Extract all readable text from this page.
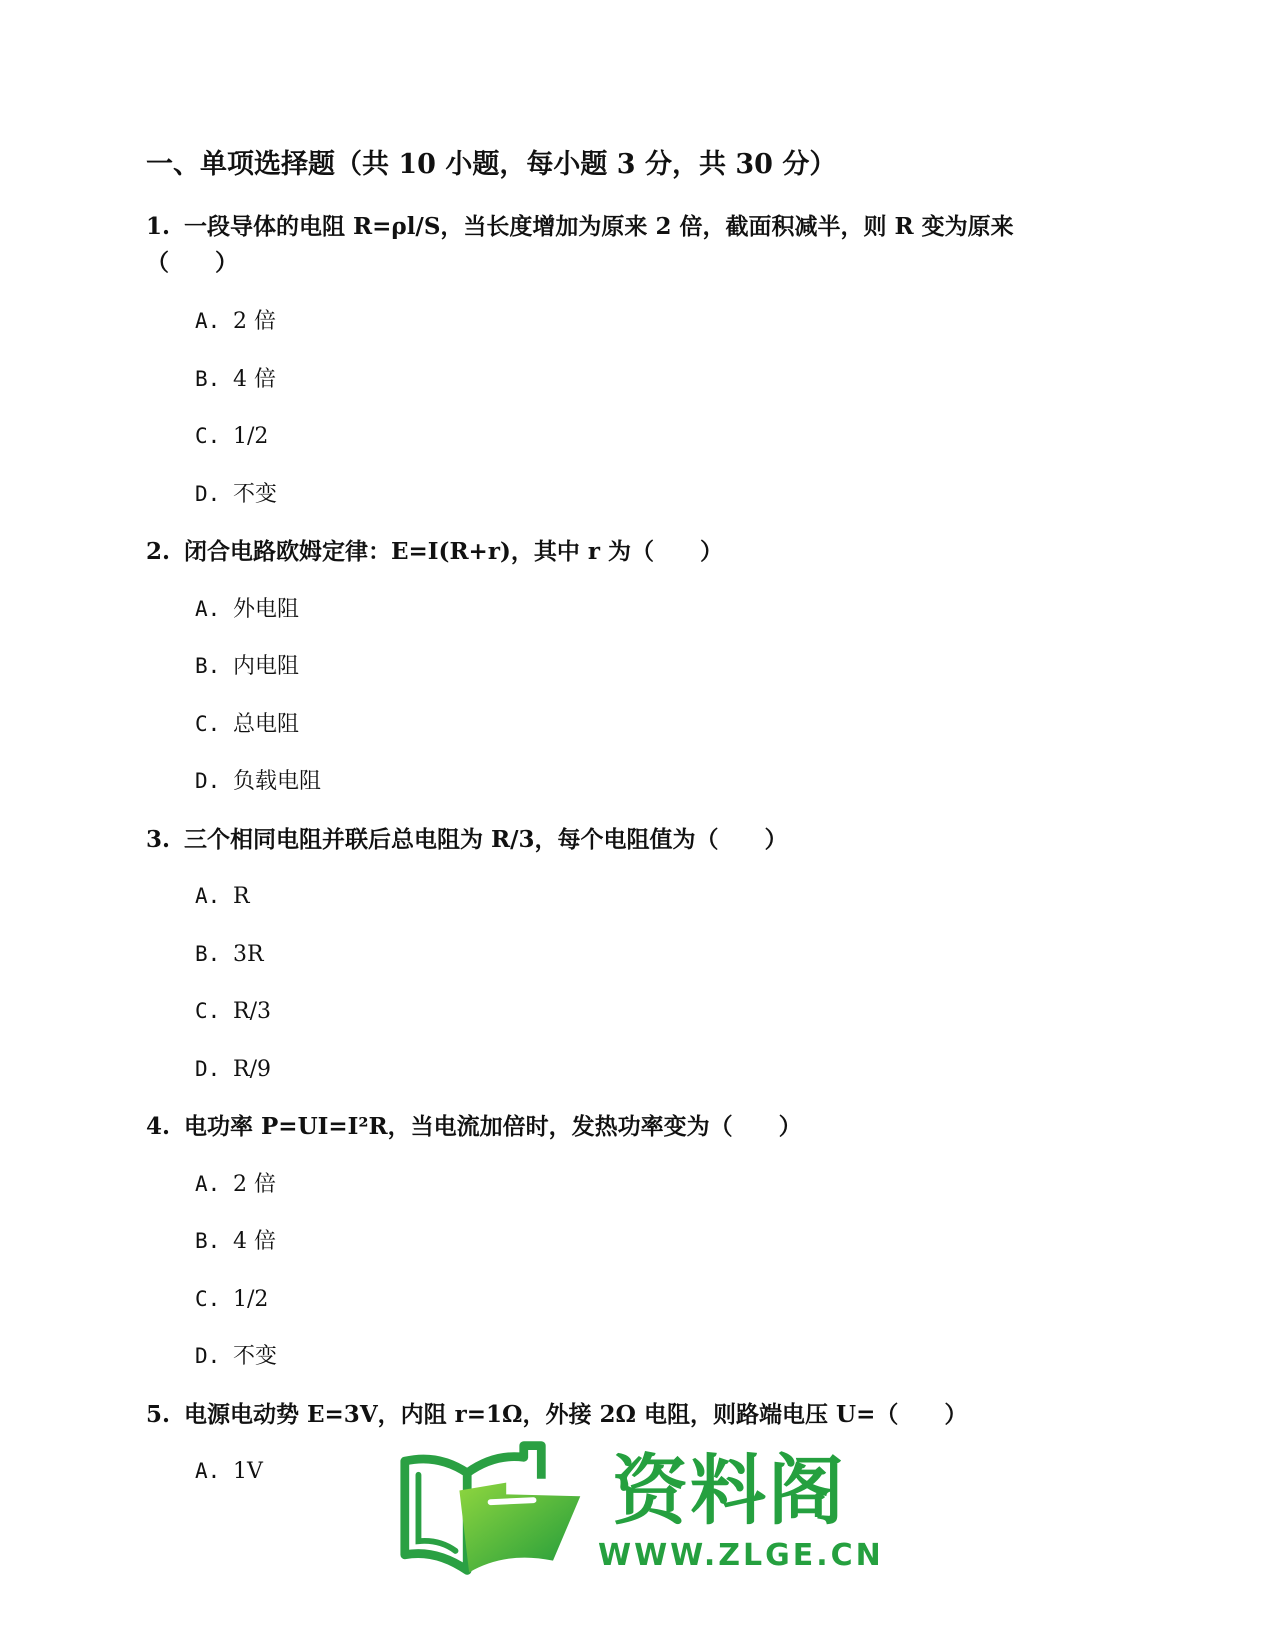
一、单项选择题（共 10 小题，每小题 3 分，共 30 分）
1. 一段导体的电阻 R=ρl/S，当长度增加为原来 2 倍，截面积减半，则 R 变为原来
（　　）
A. 2 倍
B. 4 倍
C. 1/2
D. 不变
2. 闭合电路欧姆定律：E=I(R+r)，其中 r 为（　　）
A. 外电阻
B. 内电阻
C. 总电阻
D. 负载电阻
3. 三个相同电阻并联后总电阻为 R/3，每个电阻值为（　　）
A. R
B. 3R
C. R/3
D. R/9
4. 电功率 P=UI=I²R，当电流加倍时，发热功率变为（　　）
A. 2 倍
B. 4 倍
C. 1/2
D. 不变
5. 电源电动势 E=3V，内阻 r=1Ω，外接 2Ω 电阻，则路端电压 U=（　　）
A. 1V	资料阁
WWW.ZLGE.CN
